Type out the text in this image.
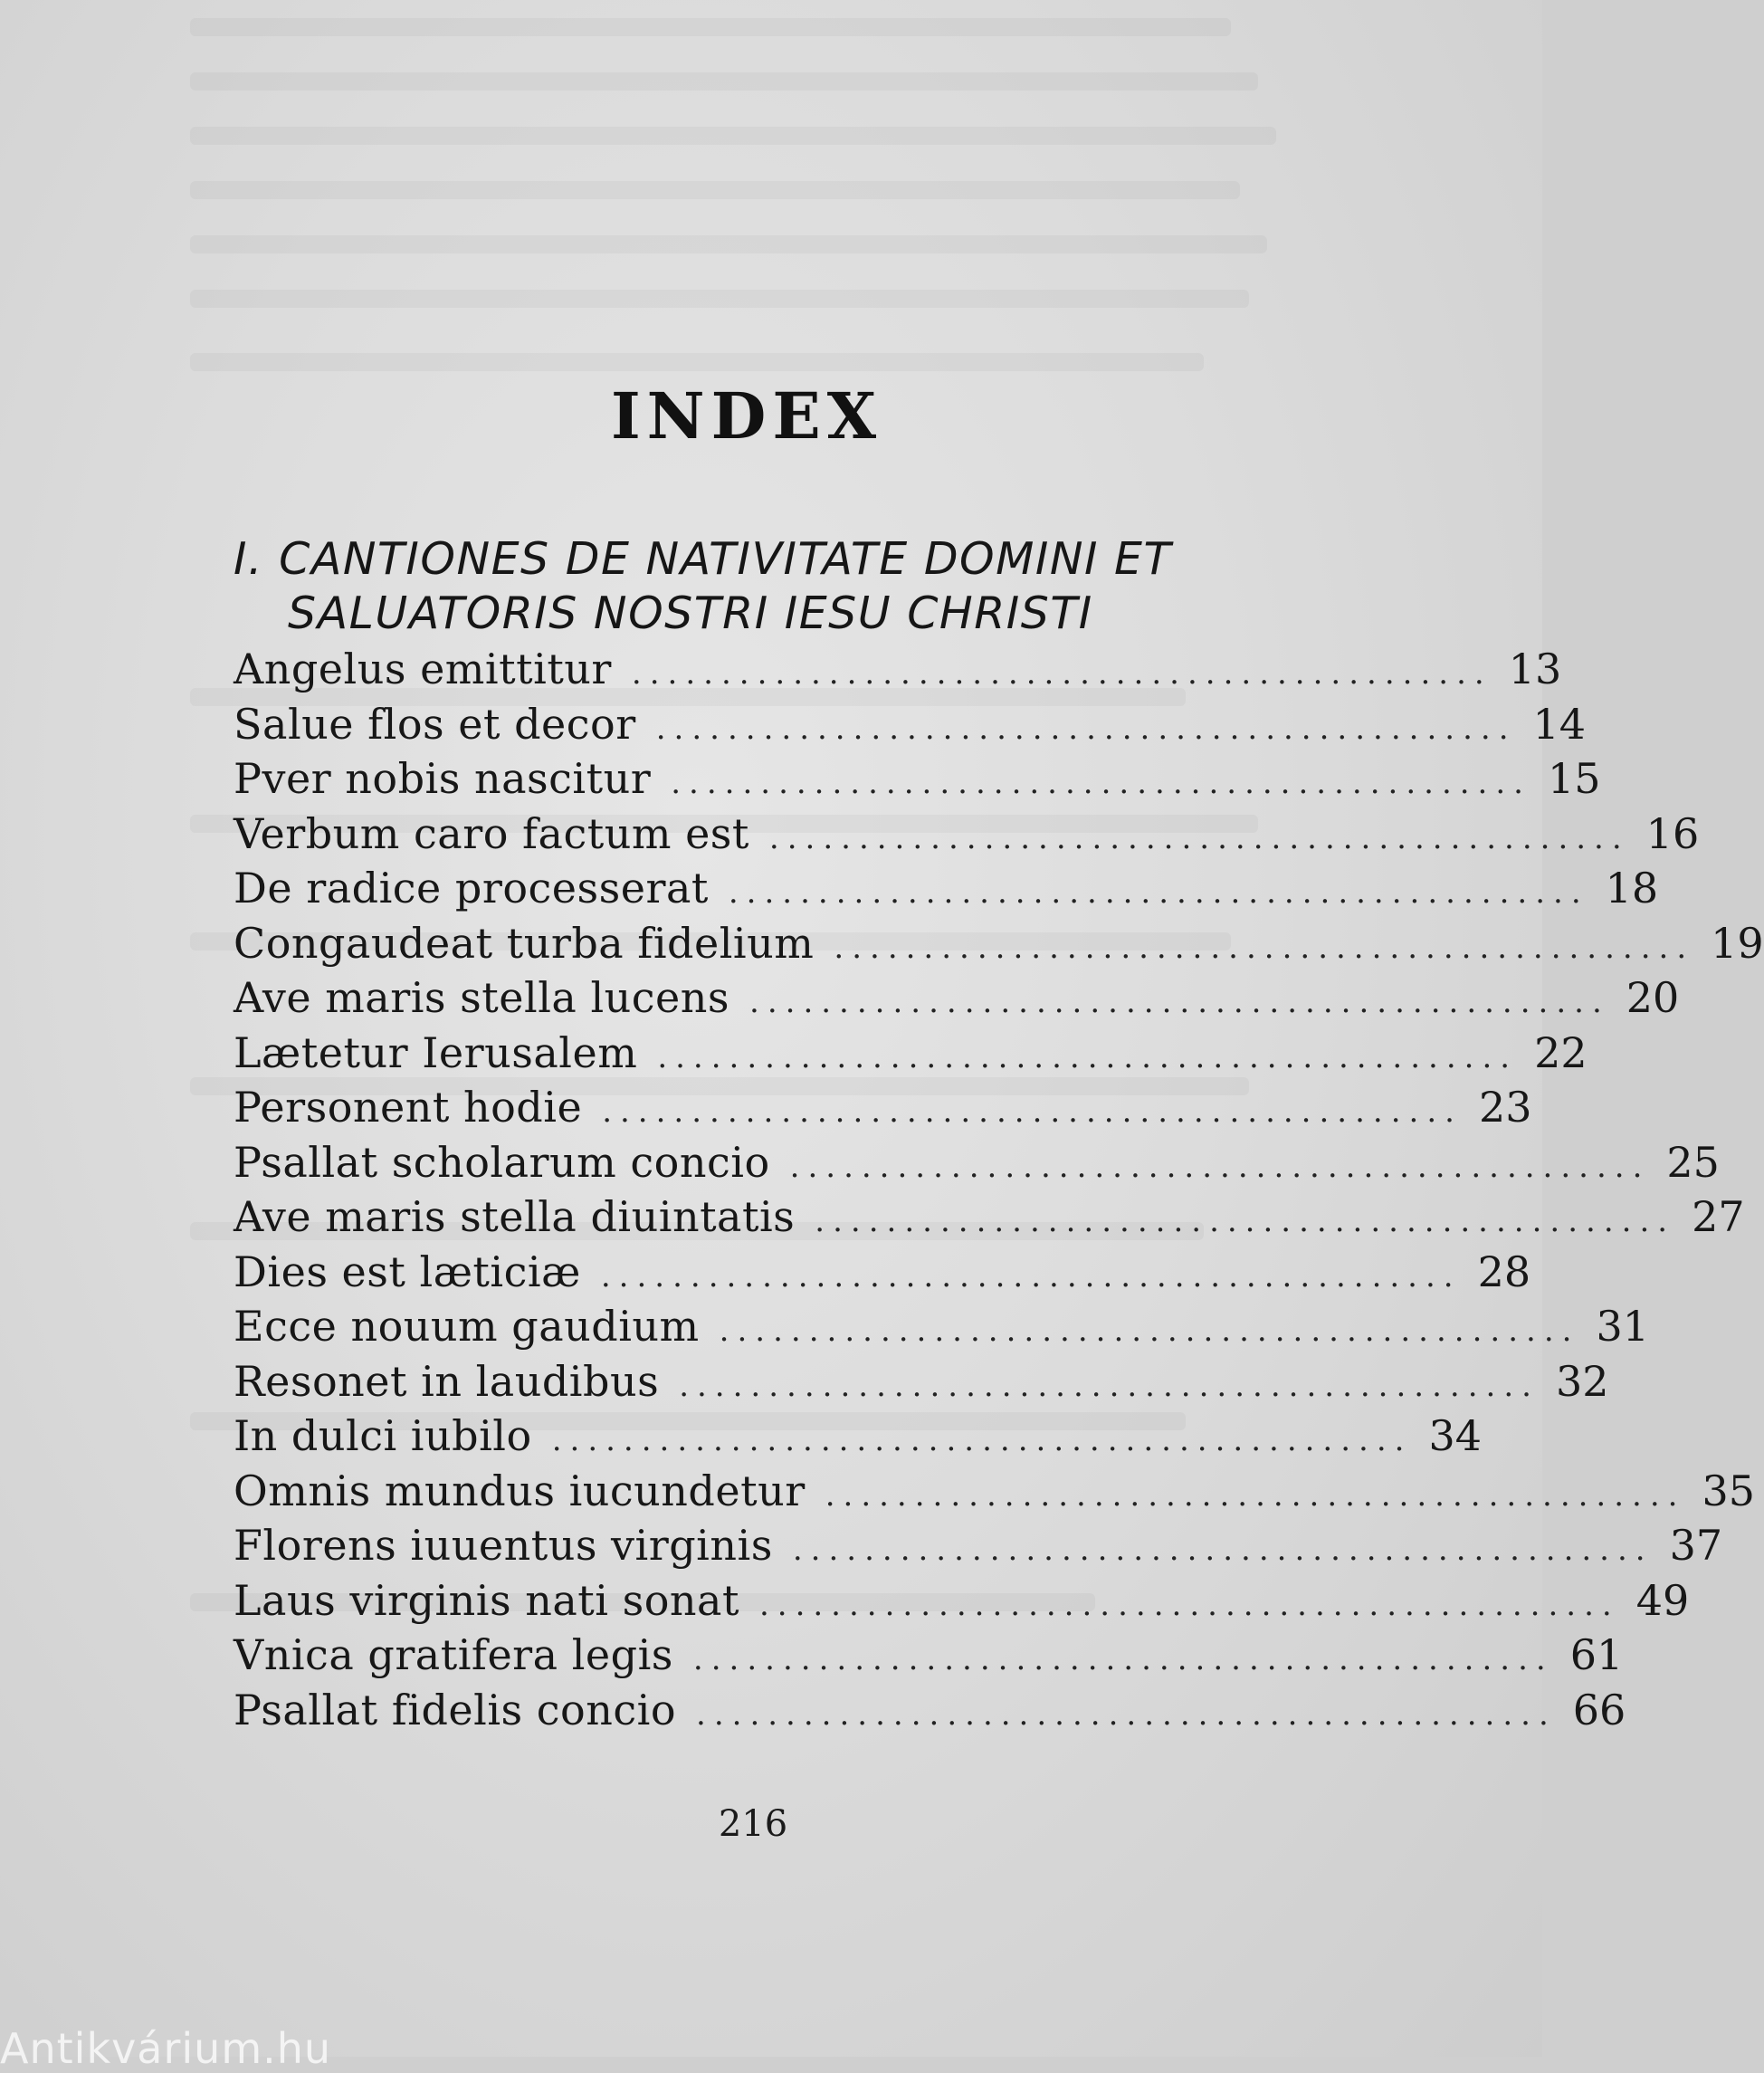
INDEX
I. CANTIONES DE NATIVITATE DOMINI ET
SALUATORIS NOSTRI IESU CHRISTI
Angelus emittitur ................................................ 13
Salue flos et decor ................................................ 14
Pver nobis nascitur ................................................ 15
Verbum caro factum est ................................................ 16
De radice processerat ................................................ 18
Congaudeat turba fidelium ................................................ 19
Ave maris stella lucens ................................................ 20
Lætetur Ierusalem ................................................ 22
Personent hodie ................................................ 23
Psallat scholarum concio ................................................ 25
Ave maris stella diuintatis ................................................ 27
Dies est læticiæ ................................................ 28
Ecce nouum gaudium ................................................ 31
Resonet in laudibus ................................................ 32
In dulci iubilo ................................................ 34
Omnis mundus iucundetur ................................................ 35
Florens iuuentus virginis ................................................ 37
Laus virginis nati sonat ................................................ 49
Vnica gratifera legis ................................................ 61
Psallat fidelis concio ................................................ 66
216
Antikvárium.hu
